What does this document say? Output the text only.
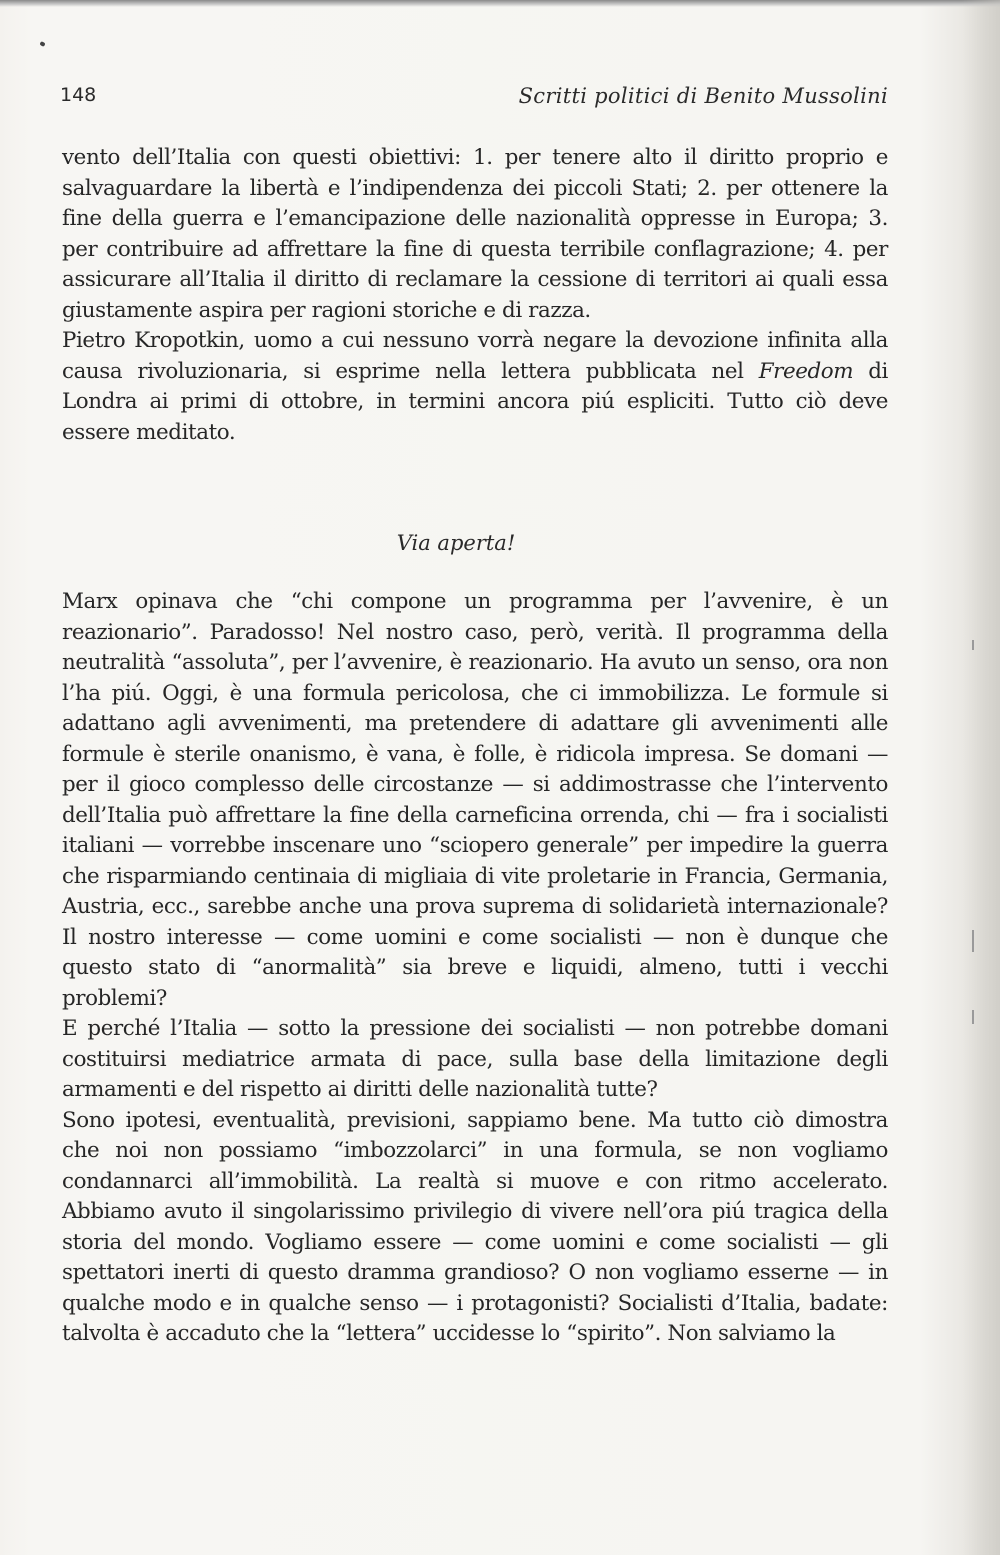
148	Scritti politici di Benito Mussolini

vento dell’Italia con questi obiettivi: 1. per tenere alto il diritto proprio e salvaguardare la libertà e l’indipendenza dei piccoli Stati; 2. per ottenere la fine della guerra e l’emancipazione delle nazionalità oppresse in Europa; 3. per contribuire ad affrettare la fine di questa terribile conflagrazione; 4. per assicurare all’Italia il diritto di reclamare la cessione di territori ai quali essa giustamente aspira per ragioni storiche e di razza.

Pietro Kropotkin, uomo a cui nessuno vorrà negare la devozione infinita alla causa rivoluzionaria, si esprime nella lettera pubblicata nel Freedom di Londra ai primi di ottobre, in termini ancora piú espliciti. Tutto ciò deve essere meditato.

Via aperta!

Marx opinava che “chi compone un programma per l’avvenire, è un reazionario”. Paradosso! Nel nostro caso, però, verità. Il programma della neutralità “assoluta”, per l’avvenire, è reazionario. Ha avuto un senso, ora non l’ha piú. Oggi, è una formula pericolosa, che ci immobilizza. Le formule si adattano agli avvenimenti, ma pretendere di adattare gli avvenimenti alle formule è sterile onanismo, è vana, è folle, è ridicola impresa. Se domani — per il gioco complesso delle circostanze — si addimostrasse che l’intervento dell’Italia può affrettare la fine della carneficina orrenda, chi — fra i socialisti italiani — vorrebbe inscenare uno “sciopero generale” per impedire la guerra che risparmiando centinaia di migliaia di vite proletarie in Francia, Germania, Austria, ecc., sarebbe anche una prova suprema di solidarietà internazionale? Il nostro interesse — come uomini e come socialisti — non è dunque che questo stato di “anormalità” sia breve e liquidi, almeno, tutti i vecchi problemi?

E perché l’Italia — sotto la pressione dei socialisti — non potrebbe domani costituirsi mediatrice armata di pace, sulla base della limitazione degli armamenti e del rispetto ai diritti delle nazionalità tutte?

Sono ipotesi, eventualità, previsioni, sappiamo bene. Ma tutto ciò dimostra che noi non possiamo “imbozzolarci” in una formula, se non vogliamo condannarci all’immobilità. La realtà si muove e con ritmo accelerato. Abbiamo avuto il singolarissimo privilegio di vivere nell’ora piú tragica della storia del mondo. Vogliamo essere — come uomini e come socialisti — gli spettatori inerti di questo dramma grandioso? O non vogliamo esserne — in qualche modo e in qualche senso — i protagonisti? Socialisti d’Italia, badate: talvolta è accaduto che la “lettera” uccidesse lo “spirito”. Non salviamo la
